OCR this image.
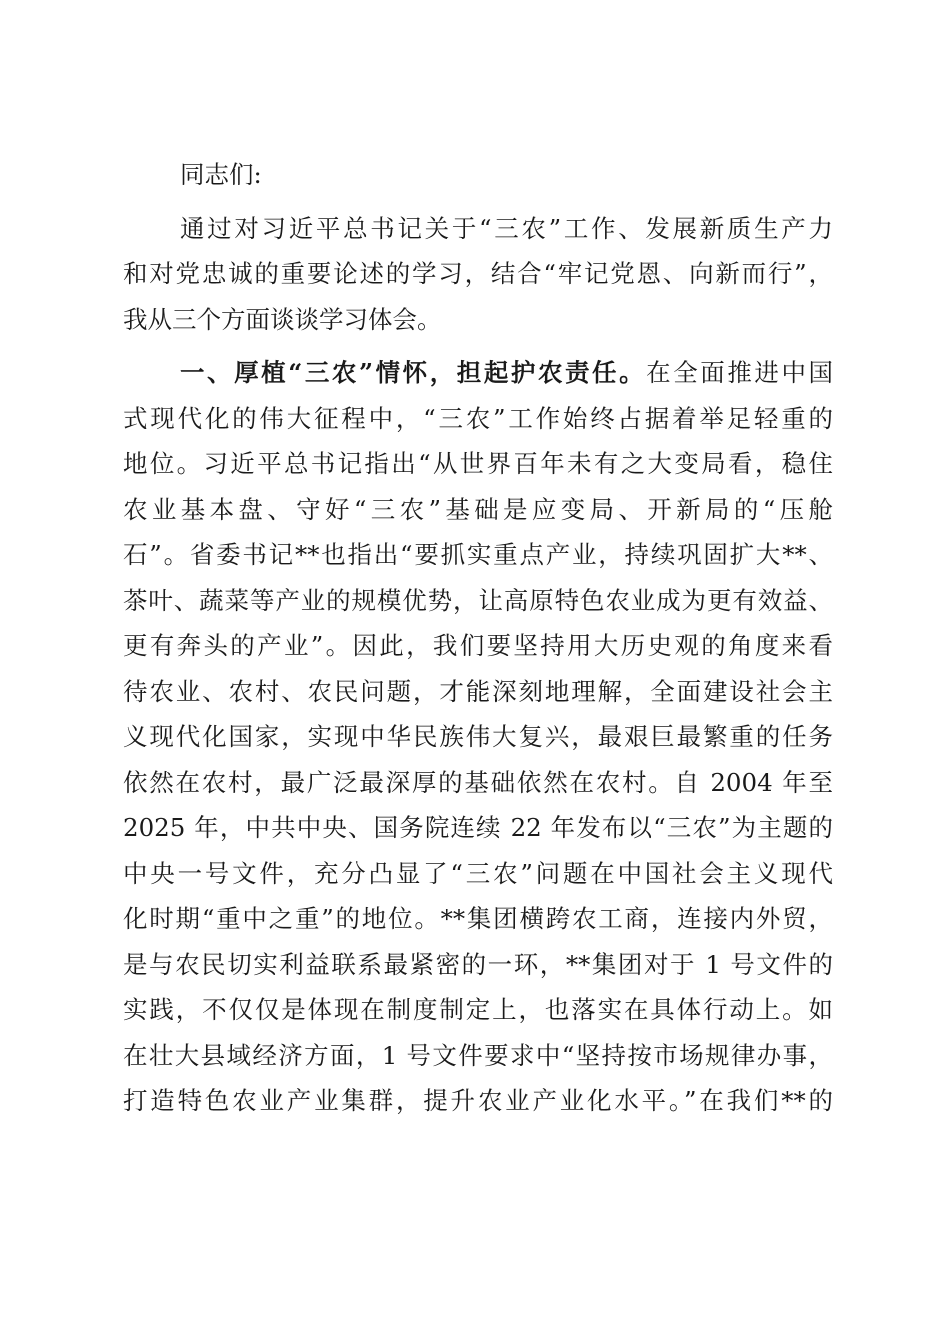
同志们:
通过对习近平总书记关于“三农”工作、发展新质生产力
和对党忠诚的重要论述的学习，结合“牢记党恩、向新而行”，
我从三个方面谈谈学习体会。
一、厚植“三农”情怀，担起护农责任。在全面推进中国
式现代化的伟大征程中，“三农”工作始终占据着举足轻重的
地位。习近平总书记指出“从世界百年未有之大变局看，稳住
农业基本盘、守好“三农”基础是应变局、开新局的“压舱
石”。省委书记**也指出“要抓实重点产业，持续巩固扩大**、
茶叶、蔬菜等产业的规模优势，让高原特色农业成为更有效益、
更有奔头的产业”。因此，我们要坚持用大历史观的角度来看
待农业、农村、农民问题，才能深刻地理解，全面建设社会主
义现代化国家，实现中华民族伟大复兴，最艰巨最繁重的任务
依然在农村，最广泛最深厚的基础依然在农村。自 2004 年至
2025 年，中共中央、国务院连续 22 年发布以“三农”为主题的
中央一号文件，充分凸显了“三农”问题在中国社会主义现代
化时期“重中之重”的地位。**集团横跨农工商，连接内外贸，
是与农民切实利益联系最紧密的一环，**集团对于 1 号文件的
实践，不仅仅是体现在制度制定上，也落实在具体行动上。如
在壮大县域经济方面，1 号文件要求中“坚持按市场规律办事，
打造特色农业产业集群，提升农业产业化水平。”在我们**的
